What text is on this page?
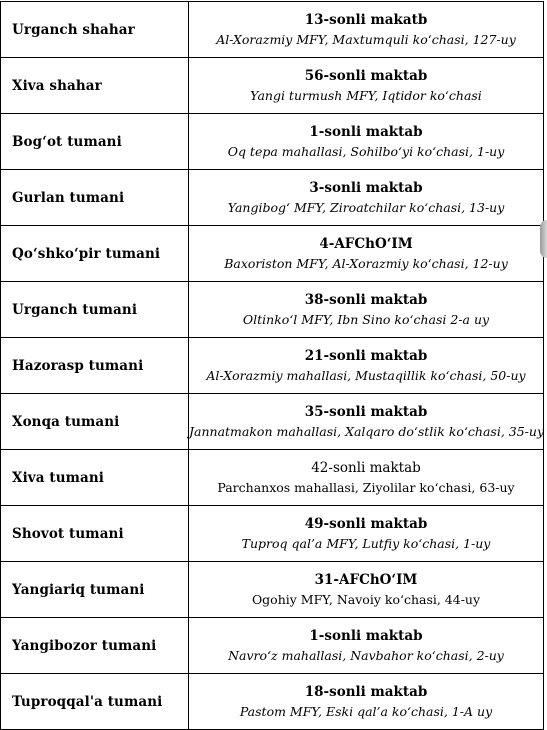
Urganch shahar	13-sonli makatb
Al-Xorazmiy MFY, Maxtumquli ko‘chasi, 127-uy

Xiva shahar	56-sonli maktab
Yangi turmush MFY, Iqtidor ko‘chasi

Bog‘ot tumani	1-sonli maktab
Oq tepa mahallasi, Sohilbo‘yi ko‘chasi, 1-uy

Gurlan tumani	3-sonli maktab
Yangibog‘ MFY, Ziroatchilar ko‘chasi, 13-uy

Qo‘shko‘pir tumani	4-AFChO‘IM
Baxoriston MFY, Al-Xorazmiy ko‘chasi, 12-uy

Urganch tumani	38-sonli maktab
Oltinko‘l MFY, Ibn Sino ko‘chasi 2-a uy

Hazorasp tumani	21-sonli maktab
Al-Xorazmiy mahallasi, Mustaqillik ko‘chasi, 50-uy

Xonqa tumani	35-sonli maktab
Jannatmakon mahallasi, Xalqaro do‘stlik ko‘chasi, 35-uy

Xiva tumani	42-sonli maktab
Parchanxos mahallasi, Ziyolilar ko‘chasi, 63-uy

Shovot tumani	49-sonli maktab
Tuproq qal’a MFY, Lutfiy ko‘chasi, 1-uy

Yangiariq tumani	31-AFChO‘IM
Ogohiy MFY, Navoiy ko‘chasi, 44-uy

Yangibozor tumani	1-sonli maktab
Navro‘z mahallasi, Navbahor ko‘chasi, 2-uy

Tuproqqal'a tumani	18-sonli maktab
Pastom MFY, Eski qal’a ko‘chasi, 1-A uy
